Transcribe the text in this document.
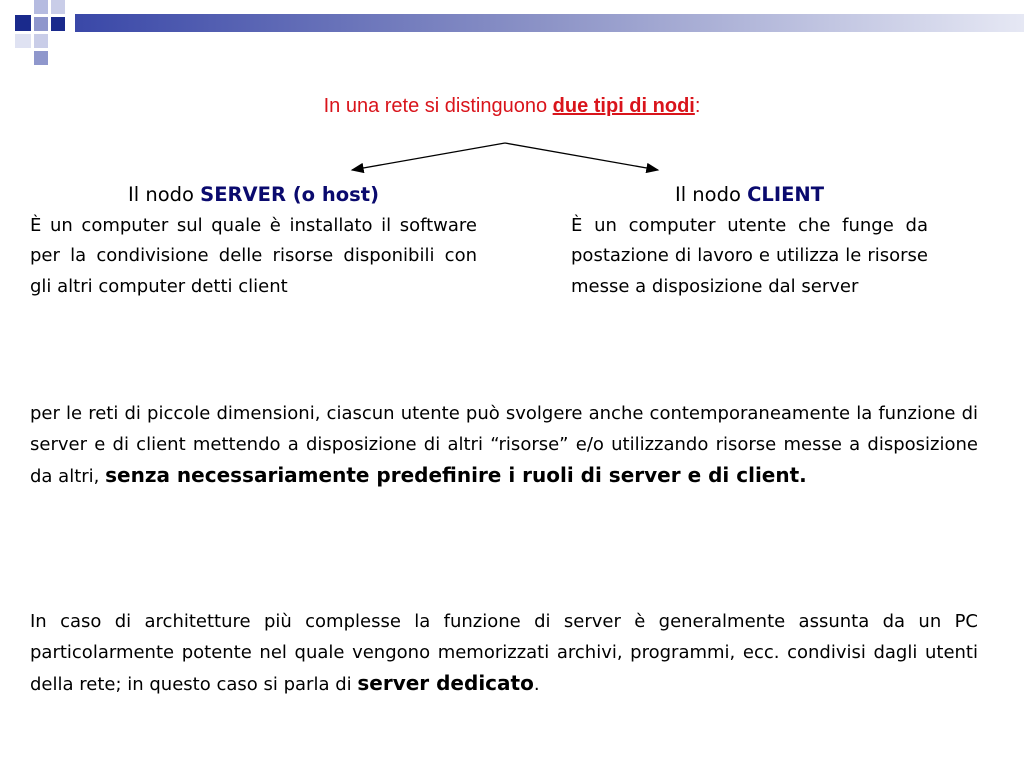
In una rete si distinguono due tipi di nodi:
Il nodo SERVER (o host)
È un computer sul quale è installato il software per la condivisione delle risorse disponibili con gli altri computer detti client
Il nodo CLIENT
È un computer utente che funge da postazione di lavoro e utilizza le risorse messe a disposizione dal server
per le reti di piccole dimensioni, ciascun utente può svolgere anche contemporaneamente la funzione di server e di client mettendo a disposizione di altri “risorse” e/o utilizzando risorse messe a disposizione da altri, senza necessariamente predefinire i ruoli di server e di client.
In caso di architetture più complesse la funzione di server è generalmente assunta da un PC particolarmente potente nel quale vengono memorizzati archivi, programmi, ecc. condivisi dagli utenti della rete; in questo caso si parla di server dedicato.
